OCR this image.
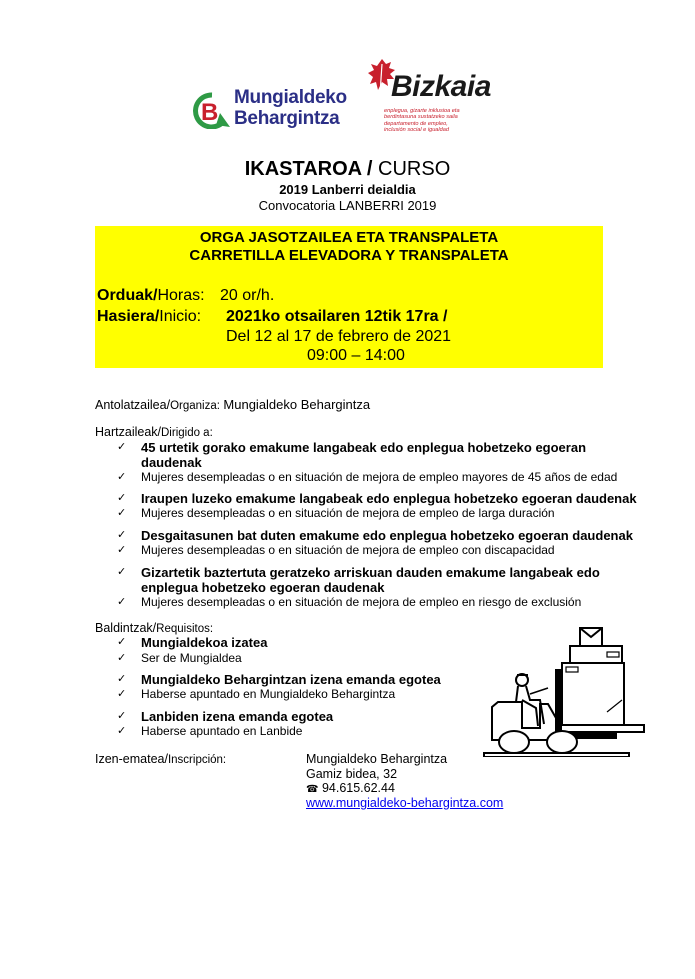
B
Mungialdeko
Behargintza
Bizkaia
enplegua, gizarte inklusioa eta
berdintasuna sustatzeko saila
departamento de empleo,
inclusión social e igualdad
IKASTAROA / CURSO
2019 Lanberri deialdia
Convocatoria LANBERRI 2019
ORGA JASOTZAILEA ETA TRANSPALETA
CARRETILLA ELEVADORA Y TRANSPALETA
Orduak/Horas: 20 or/h.
Hasiera/Inicio: 2021ko otsailaren 12tik 17ra /
Del 12 al 17 de febrero de 2021
09:00 – 14:00
Antolatzailea/Organiza: Mungialdeko Behargintza
Hartzaileak/Dirigido a:
✓ 45 urtetik gorako emakume langabeak edo enplegua hobetzeko egoeran
daudenak
✓ Mujeres desempleadas o en situación de mejora de empleo mayores de 45 años de edad
✓ Iraupen luzeko emakume langabeak edo enplegua hobetzeko egoeran daudenak
✓ Mujeres desempleadas o en situación de mejora de empleo de larga duración
✓ Desgaitasunen bat duten emakume edo enplegua hobetzeko egoeran daudenak
✓ Mujeres desempleadas o en situación de mejora de empleo con discapacidad
✓ Gizartetik baztertuta geratzeko arriskuan dauden emakume langabeak edo
enplegua hobetzeko egoeran daudenak
✓ Mujeres desempleadas o en situación de mejora de empleo en riesgo de exclusión
Baldintzak/Requisitos:
✓ Mungialdekoa izatea
✓ Ser de Mungialdea
✓ Mungialdeko Behargintzan izena emanda egotea
✓ Haberse apuntado en Mungialdeko Behargintza
✓ Lanbiden izena emanda egotea
✓ Haberse apuntado en Lanbide
Izen-ematea/Inscripción:	Mungialdeko Behargintza
Gamiz bidea, 32
☎ 94.615.62.44
www.mungialdeko-behargintza.com
